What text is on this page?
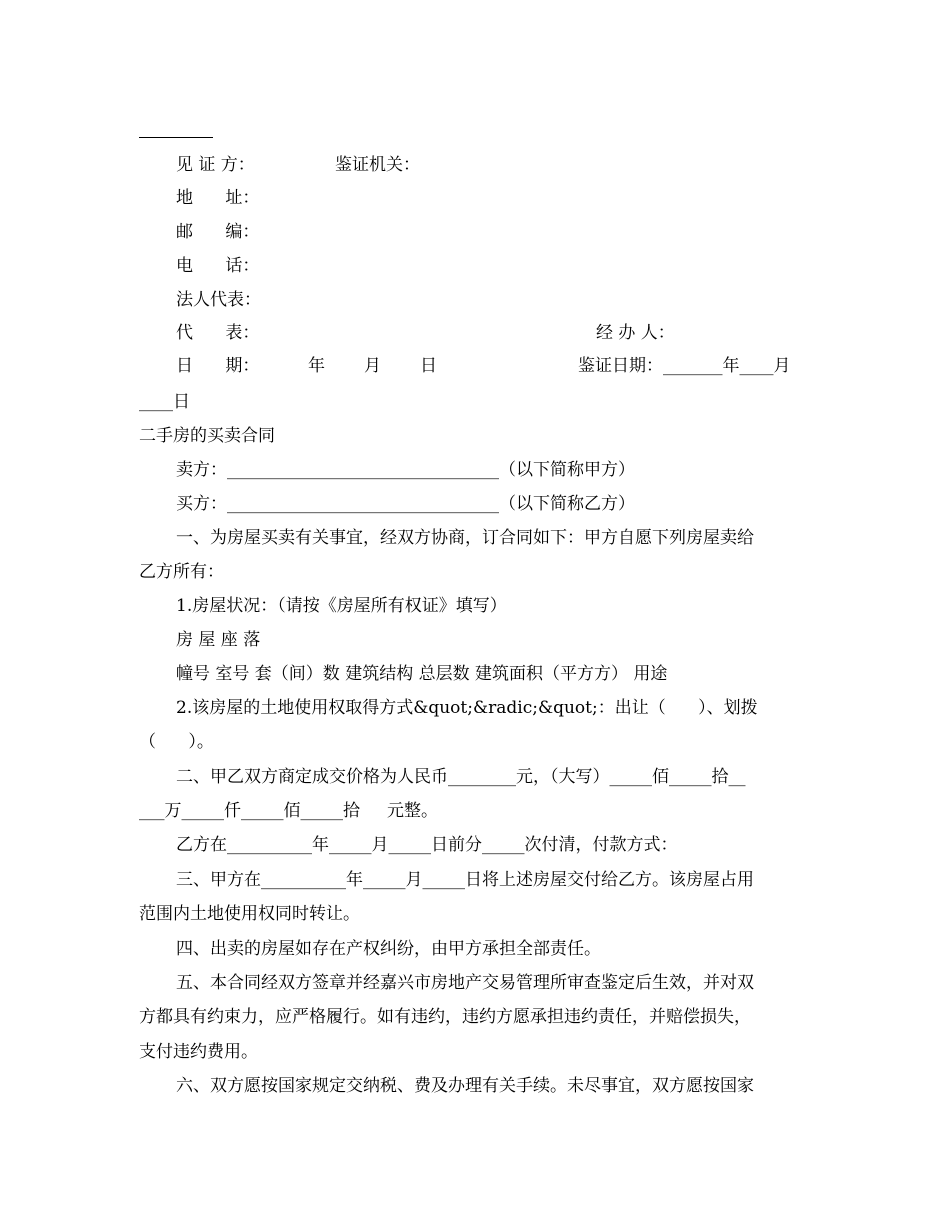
见 证 方：	鉴证机关：
地      址：
邮      编：
电      话：
法人代表：
代      表：	经 办 人：
日      期：	年 月 日	鉴证日期：_______年____月
____日
二手房的买卖合同
卖方：________________________________（以下简称甲方）
买方：________________________________（以下简称乙方）
一、为房屋买卖有关事宜，经双方协商，订合同如下：甲方自愿下列房屋卖给
乙方所有：
1.房屋状况：（请按《房屋所有权证》填写）
房 屋 座 落
幢号 室号 套（间）数 建筑结构 总层数 建筑面积（平方方） 用途
2.该房屋的土地使用权取得方式&quot;&radic;&quot;：出让（      ）、划拨
（      ）。
二、甲乙双方商定成交价格为人民币________元，（大写）_____佰_____拾__
___万_____仟_____佰_____拾     元整。
乙方在__________年_____月_____日前分_____次付清，付款方式：
三、甲方在__________年_____月_____日将上述房屋交付给乙方。该房屋占用
范围内土地使用权同时转让。
四、出卖的房屋如存在产权纠纷，由甲方承担全部责任。
五、本合同经双方签章并经嘉兴市房地产交易管理所审查鉴定后生效，并对双
方都具有约束力，应严格履行。如有违约，违约方愿承担违约责任，并赔偿损失，
支付违约费用。
六、双方愿按国家规定交纳税、费及办理有关手续。未尽事宜，双方愿按国家
